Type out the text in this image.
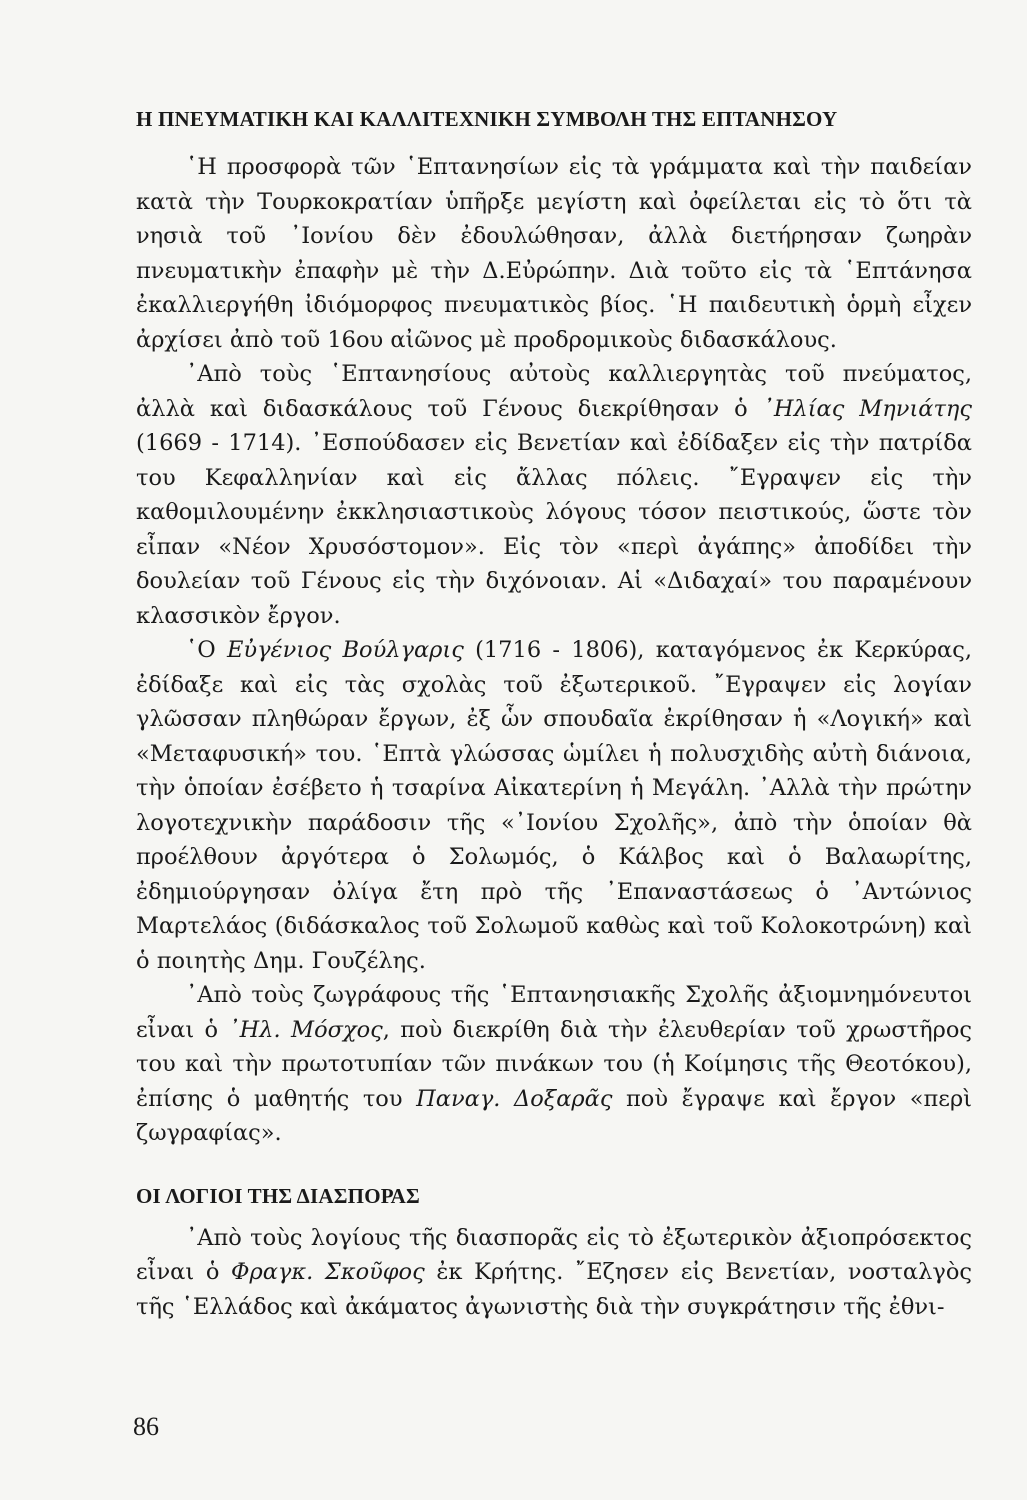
Η ΠΝΕΥΜΑΤΙΚΗ ΚΑΙ ΚΑΛΛΙΤΕΧΝΙΚΗ ΣΥΜΒΟΛΗ ΤΗΣ ΕΠΤΑΝΗΣΟΥ

῾Η προσφορὰ τῶν ῾Επτανησίων εἰς τὰ γράμματα καὶ τὴν παιδείαν κατὰ τὴν Τουρκοκρατίαν ὑπῆρξε μεγίστη καὶ ὀφείλεται εἰς τὸ ὅτι τὰ νησιὰ τοῦ ᾿Ιονίου δὲν ἐδουλώθησαν, ἀλλὰ διετήρησαν ζωηρὰν πνευματικὴν ἐπαφὴν μὲ τὴν Δ.Εὐρώπην. Διὰ τοῦτο εἰς τὰ ῾Επτάνησα ἐκαλλιεργήθη ἰδιόμορφος πνευματικὸς βίος. ῾Η παιδευτικὴ ὁρμὴ εἶχεν ἀρχίσει ἀπὸ τοῦ 16ου αἰῶνος μὲ προδρομικοὺς διδασκάλους.

᾿Απὸ τοὺς ῾Επτανησίους αὐτοὺς καλλιεργητὰς τοῦ πνεύματος, ἀλλὰ καὶ διδασκάλους τοῦ Γένους διεκρίθησαν ὁ ᾿Ηλίας Μηνιάτης (1669 - 1714). ᾿Εσπούδασεν εἰς Βενετίαν καὶ ἐδίδαξεν εἰς τὴν πατρίδα του Κεφαλληνίαν καὶ εἰς ἄλλας πόλεις. ῎Εγραψεν εἰς τὴν καθομιλουμένην ἐκκλησιαστικοὺς λόγους τόσον πειστικούς, ὥστε τὸν εἶπαν «Νέον Χρυσόστομον». Εἰς τὸν «περὶ ἀγάπης» ἀποδίδει τὴν δουλείαν τοῦ Γένους εἰς τὴν διχόνοιαν. Αἱ «Διδαχαί» του παραμένουν κλασσικὸν ἔργον.

῾Ο Εὐγένιος Βούλγαρις (1716 - 1806), καταγόμενος ἐκ Κερκύρας, ἐδίδαξε καὶ εἰς τὰς σχολὰς τοῦ ἐξωτερικοῦ. ῎Εγραψεν εἰς λογίαν γλῶσσαν πληθώραν ἔργων, ἐξ ὧν σπουδαῖα ἐκρίθησαν ἡ «Λογική» καὶ «Μεταφυσική» του. ῾Επτὰ γλώσσας ὡμίλει ἡ πολυσχιδὴς αὐτὴ διάνοια, τὴν ὁποίαν ἐσέβετο ἡ τσαρίνα Αἰκατερίνη ἡ Μεγάλη. ᾿Αλλὰ τὴν πρώτην λογοτεχνικὴν παράδοσιν τῆς «᾿Ιονίου Σχολῆς», ἀπὸ τὴν ὁποίαν θὰ προέλθουν ἀργότερα ὁ Σολωμός, ὁ Κάλβος καὶ ὁ Βαλαωρίτης, ἐδημιούργησαν ὀλίγα ἔτη πρὸ τῆς ᾿Επαναστάσεως ὁ ᾿Αντώνιος Μαρτελάος (διδάσκαλος τοῦ Σολωμοῦ καθὼς καὶ τοῦ Κολοκοτρώνη) καὶ ὁ ποιητὴς Δημ. Γουζέλης.

᾿Απὸ τοὺς ζωγράφους τῆς ῾Επτανησιακῆς Σχολῆς ἀξιομνημόνευτοι εἶναι ὁ ᾿Ηλ. Μόσχος, ποὺ διεκρίθη διὰ τὴν ἐλευθερίαν τοῦ χρωστῆρος του καὶ τὴν πρωτοτυπίαν τῶν πινάκων του (ἡ Κοίμησις τῆς Θεοτόκου), ἐπίσης ὁ μαθητής του Παναγ. Δοξαρᾶς ποὺ ἔγραψε καὶ ἔργον «περὶ ζωγραφίας».

ΟΙ ΛΟΓΙΟΙ ΤΗΣ ΔΙΑΣΠΟΡΑΣ

᾿Απὸ τοὺς λογίους τῆς διασπορᾶς εἰς τὸ ἐξωτερικὸν ἀξιοπρόσεκτος εἶναι ὁ Φραγκ. Σκοῦφος ἐκ Κρήτης. ῎Εζησεν εἰς Βενετίαν, νοσταλγὸς τῆς ῾Ελλάδος καὶ ἀκάματος ἀγωνιστὴς διὰ τὴν συγκράτησιν τῆς ἐθνι-

86
